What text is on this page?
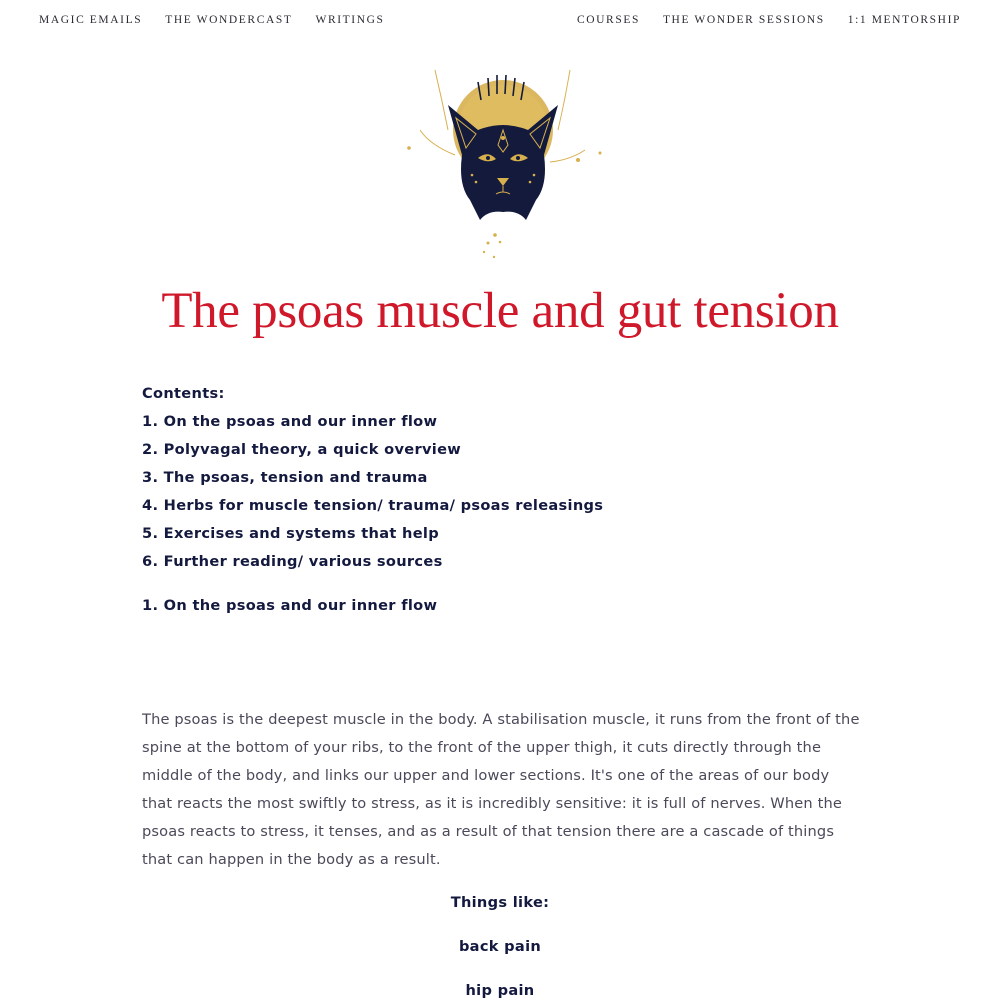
MAGIC EMAILS THE WONDERCAST WRITINGS	COURSES THE WONDER SESSIONS 1:1 MENTORSHIP
The psoas muscle and gut tension

Contents:

1. On the psoas and our inner flow

2. Polyvagal theory, a quick overview

3. The psoas, tension and trauma

4. Herbs for muscle tension/ trauma/ psoas releasings

5. Exercises and systems that help

6. Further reading/ various sources

1. On the psoas and our inner flow

The psoas is the deepest muscle in the body. A stabilisation muscle, it runs from the front of the spine at the bottom of your ribs, to the front of the upper thigh, it cuts directly through the middle of the body, and links our upper and lower sections. It's one of the areas of our body that reacts the most swiftly to stress, as it is incredibly sensitive: it is full of nerves. When the psoas reacts to stress, it tenses, and as a result of that tension there are a cascade of things that can happen in the body as a result.

Things like:

back pain

hip pain
